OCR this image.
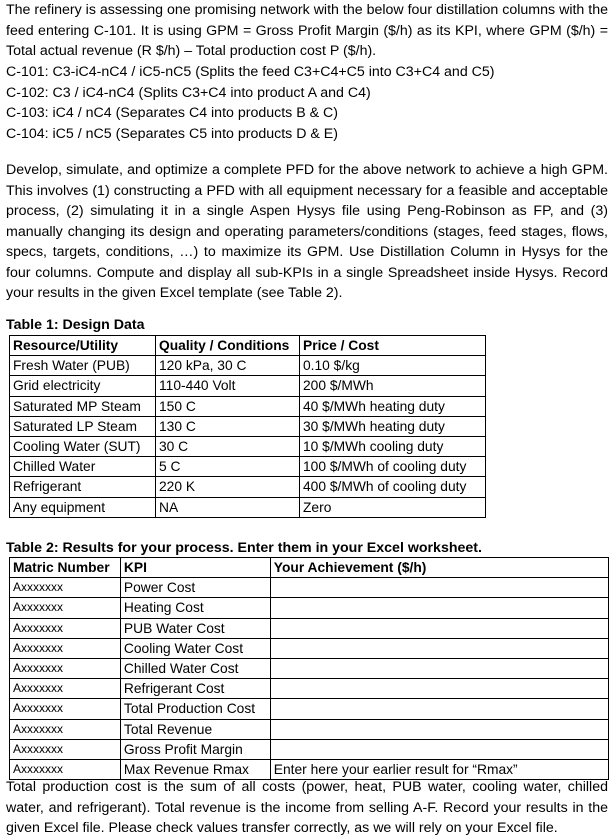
The refinery is assessing one promising network with the below four distillation columns with the feed entering C-101. It is using GPM = Gross Profit Margin ($/h) as its KPI, where GPM ($/h) = Total actual revenue (R $/h) – Total production cost P ($/h).

C-101: C3-iC4-nC4 / iC5-nC5 (Splits the feed C3+C4+C5 into C3+C4 and C5)
C-102: C3 / iC4-nC4 (Splits C3+C4 into product A and C4)
C-103: iC4 / nC4 (Separates C4 into products B & C)
C-104: iC5 / nC5 (Separates C5 into products D & E)

Develop, simulate, and optimize a complete PFD for the above network to achieve a high GPM. This involves (1) constructing a PFD with all equipment necessary for a feasible and acceptable process, (2) simulating it in a single Aspen Hysys file using Peng-Robinson as FP, and (3) manually changing its design and operating parameters/conditions (stages, feed stages, flows, specs, targets, conditions, …) to maximize its GPM. Use Distillation Column in Hysys for the four columns. Compute and display all sub-KPIs in a single Spreadsheet inside Hysys. Record your results in the given Excel template (see Table 2).

Table 1: Design Data
Resource/Utility	Quality / Conditions	Price / Cost
Fresh Water (PUB)	120 kPa, 30 C	0.10 $/kg
Grid electricity	110-440 Volt	200 $/MWh
Saturated MP Steam	150 C	40 $/MWh heating duty
Saturated LP Steam	130 C	30 $/MWh heating duty
Cooling Water (SUT)	30 C	10 $/MWh cooling duty
Chilled Water	5 C	100 $/MWh of cooling duty
Refrigerant	220 K	400 $/MWh of cooling duty
Any equipment	NA	Zero
Table 2: Results for your process. Enter them in your Excel worksheet.
Matric Number	KPI	Your Achievement ($/h)
Axxxxxxx	Power Cost	
Axxxxxxx	Heating Cost	
Axxxxxxx	PUB Water Cost	
Axxxxxxx	Cooling Water Cost	
Axxxxxxx	Chilled Water Cost	
Axxxxxxx	Refrigerant Cost	
Axxxxxxx	Total Production Cost	
Axxxxxxx	Total Revenue	
Axxxxxxx	Gross Profit Margin	
Axxxxxxx	Max Revenue Rmax	Enter here your earlier result for “Rmax”

Total production cost is the sum of all costs (power, heat, PUB water, cooling water, chilled water, and refrigerant). Total revenue is the income from selling A-F. Record your results in the given Excel file. Please check values transfer correctly, as we will rely on your Excel file.
